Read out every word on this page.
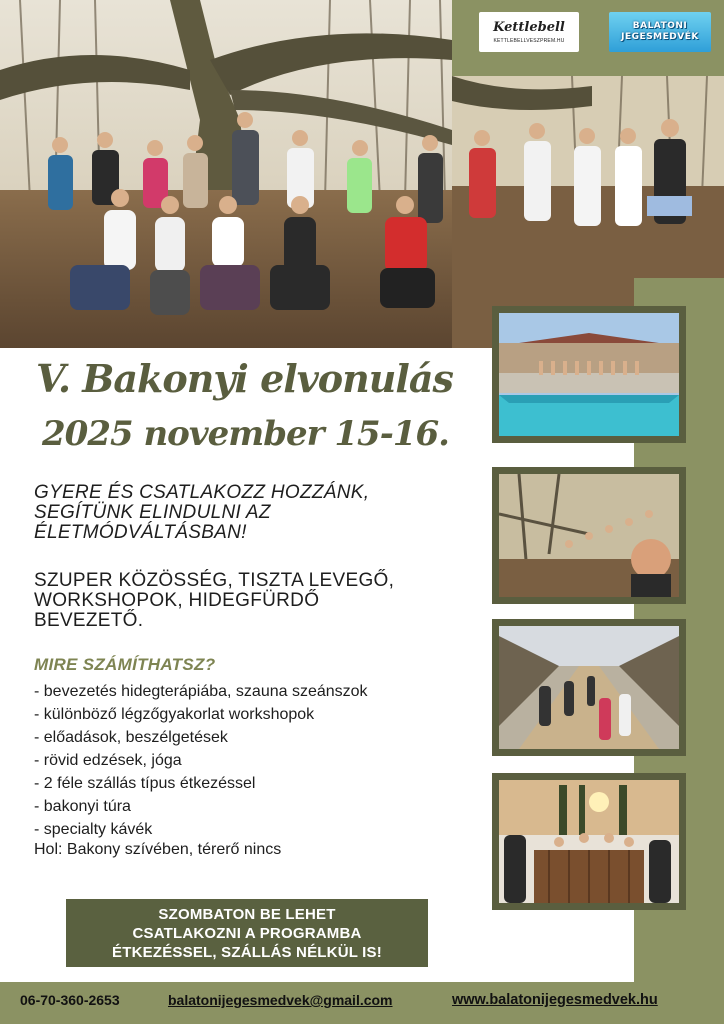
Kettlebell
KETTLEBELLVESZPREM.HU
BALATONI
JEGESMEDVÉK
V. Bakonyi elvonulás
2025 november 15-16.
GYERE ÉS CSATLAKOZZ HOZZÁNK,
SEGÍTÜNK ELINDULNI AZ
ÉLETMÓDVÁLTÁSBAN!
SZUPER KÖZÖSSÉG, TISZTA LEVEGŐ,
WORKSHOPOK, HIDEGFÜRDŐ
BEVEZETŐ.
MIRE SZÁMÍTHATSZ?
- bevezetés hidegterápiába, szauna szeánszok
- különböző légzőgyakorlat workshopok
- előadások, beszélgetések
- rövid edzések, jóga
- 2 féle szállás típus étkezéssel
- bakonyi túra
- specialty kávék
Hol: Bakony szívében, térerő nincs
SZOMBATON BE LEHET
CSATLAKOZNI A PROGRAMBA
ÉTKEZÉSSEL, SZÁLLÁS NÉLKÜL IS!
06-70-360-2653	balatonijegesmedvek@gmail.com	www.balatonijegesmedvek.hu
